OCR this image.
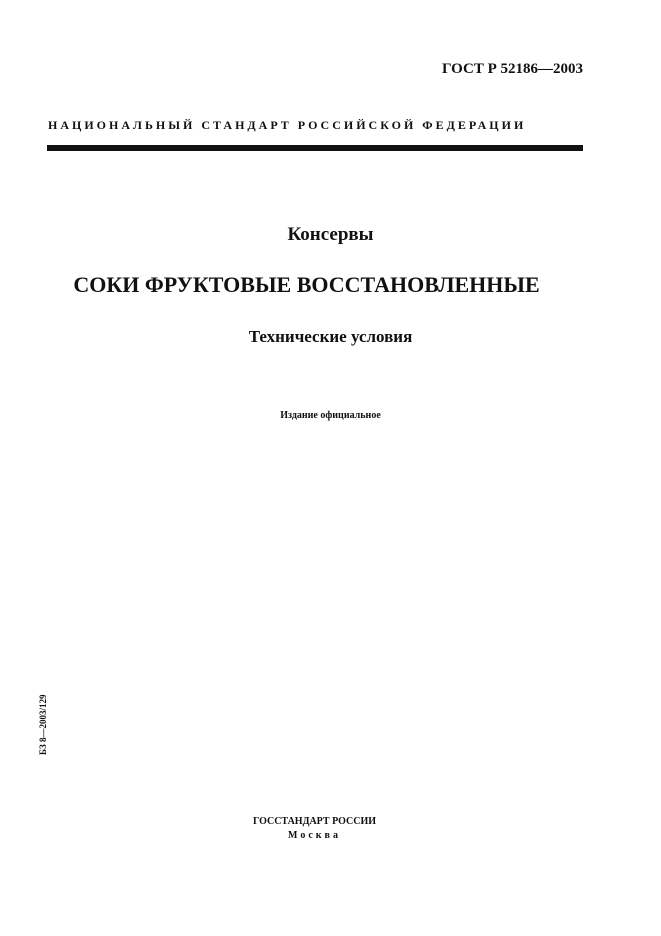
ГОСТ Р 52186—2003
НАЦИОНАЛЬНЫЙ СТАНДАРТ РОССИЙСКОЙ ФЕДЕРАЦИИ
Консервы
СОКИ ФРУКТОВЫЕ ВОССТАНОВЛЕННЫЕ
Технические условия
Издание официальное
БЗ 8—2003/129
ГОССТАНДАРТ РОССИИ
Москва
